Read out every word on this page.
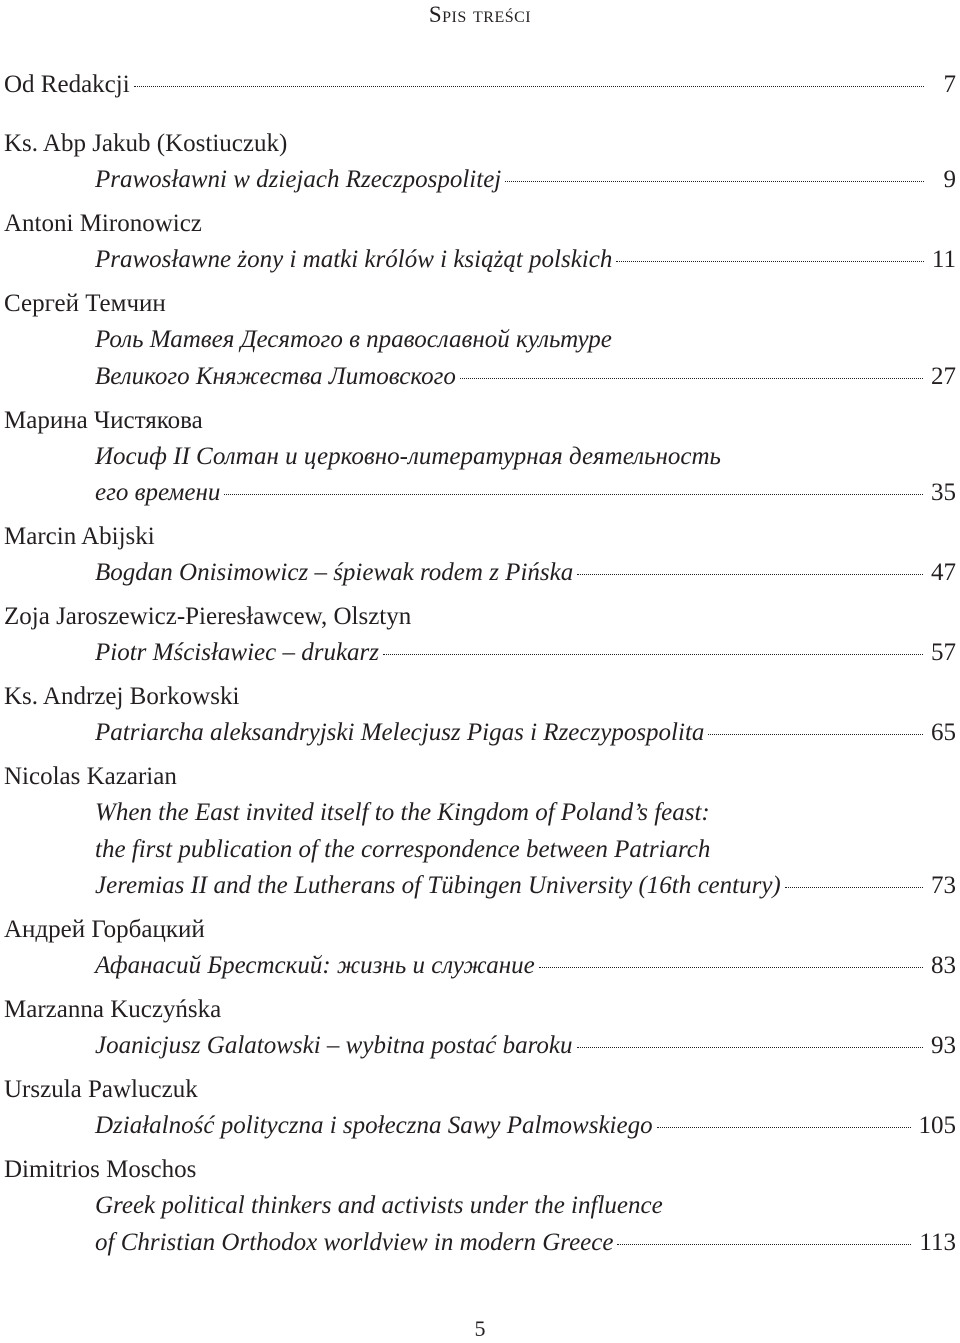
Spis treści
Od Redakcji	7
Ks. Abp Jakub (Kostiuczuk)
Prawosławni w dziejach Rzeczpospolitej	9
Antoni Mironowicz
Prawosławne żony i matki królów i książąt polskich	11
Сергей Темчин
Роль Матвея Десятого в православной культуре
Великого Княжества Литовского	27
Марина Чистякова
Иосиф II Солтан и церковно-литературная деятельность
его времени	35
Marcin Abijski
Bogdan Onisimowicz – śpiewak rodem z Pińska	47
Zoja Jaroszewicz-Pieresławcew, Olsztyn
Piotr Mścisławiec – drukarz	57
Ks. Andrzej Borkowski
Patriarcha aleksandryjski Melecjusz Pigas i Rzeczypospolita	65
Nicolas Kazarian
When the East invited itself to the Kingdom of Poland’s feast:
the first publication of the correspondence between Patriarch
Jeremias II and the Lutherans of Tübingen University (16th century)	73
Андрей Горбацкий
Афанасий Брестский: жизнь и служание	83
Marzanna Kuczyńska
Joanicjusz Galatowski – wybitna postać baroku	93
Urszula Pawluczuk
Działalność polityczna i społeczna Sawy Palmowskiego	105
Dimitrios Moschos
Greek political thinkers and activists under the influence
of Christian Orthodox worldview in modern Greece	113
5
